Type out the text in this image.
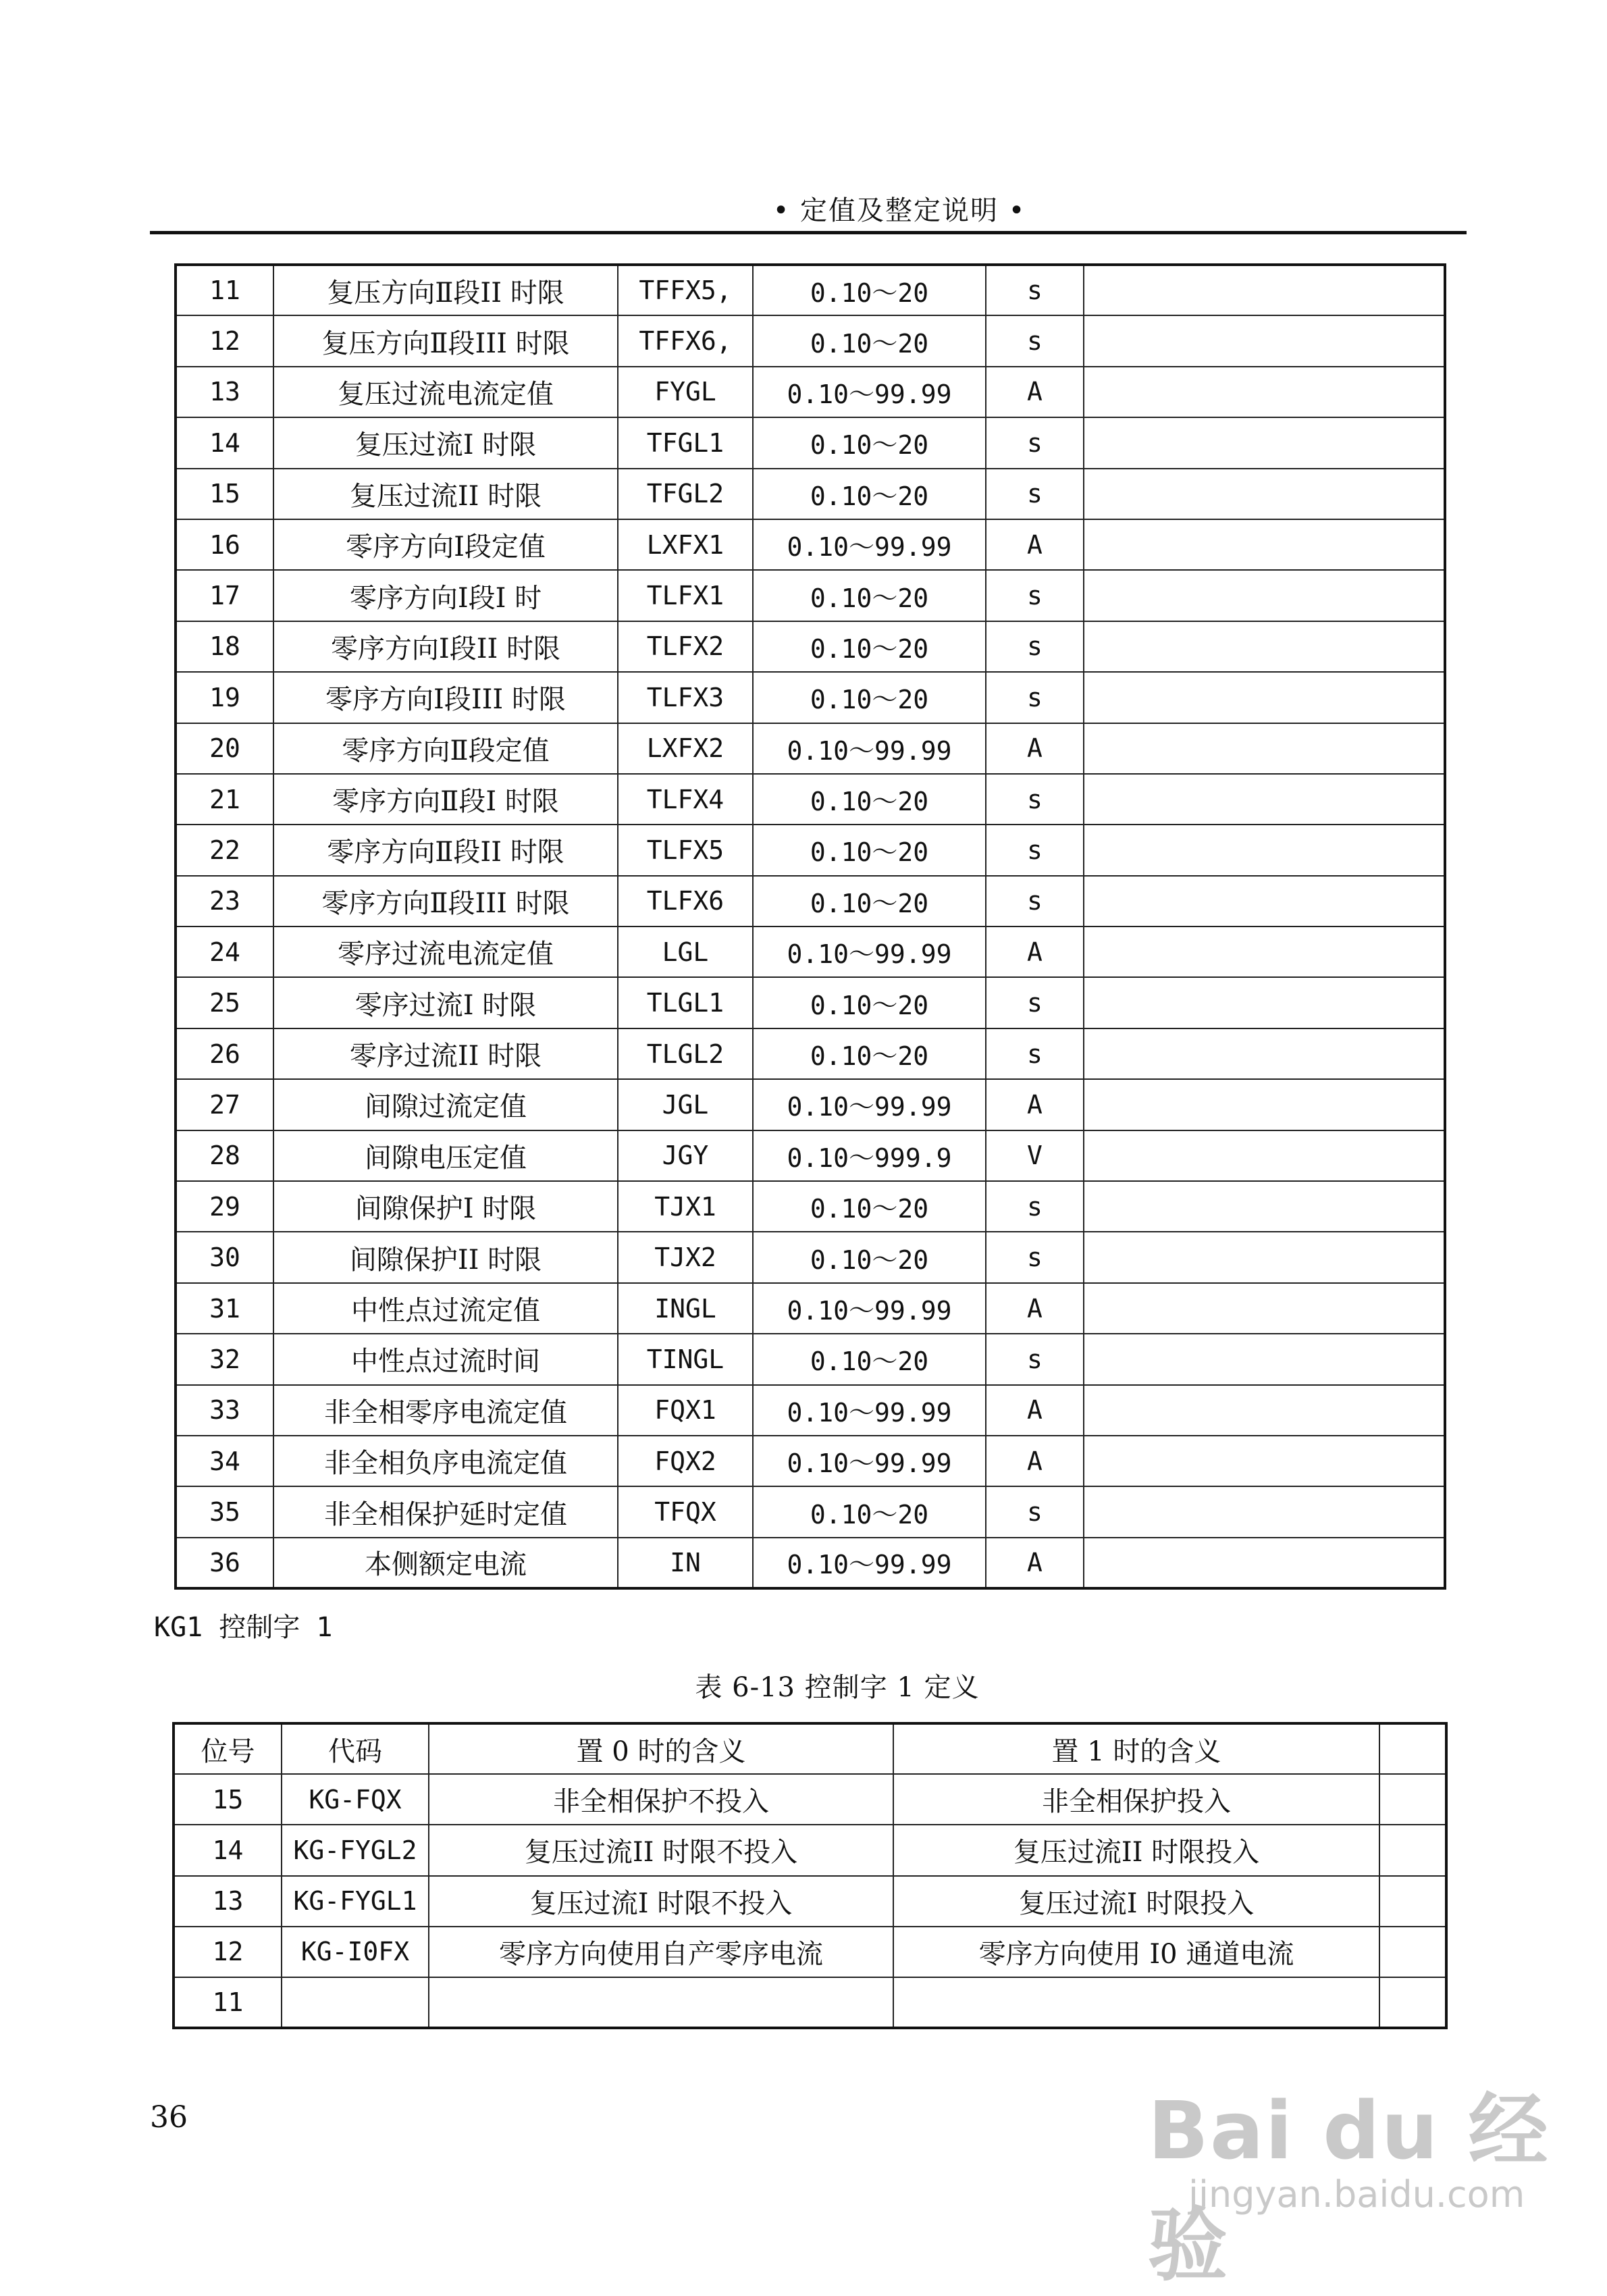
• 定值及整定说明 •
11	复压方向Ⅱ段II 时限	TFFX5,	0.10～20	s	
12	复压方向Ⅱ段III 时限	TFFX6,	0.10～20	s	
13	复压过流电流定值	FYGL	0.10～99.99	A	
14	复压过流I 时限	TFGL1	0.10～20	s	
15	复压过流II 时限	TFGL2	0.10～20	s	
16	零序方向Ⅰ段定值	LXFX1	0.10～99.99	A	
17	零序方向Ⅰ段I 时	TLFX1	0.10～20	s	
18	零序方向Ⅰ段II 时限	TLFX2	0.10～20	s	
19	零序方向Ⅰ段III 时限	TLFX3	0.10～20	s	
20	零序方向Ⅱ段定值	LXFX2	0.10～99.99	A	
21	零序方向Ⅱ段I 时限	TLFX4	0.10～20	s	
22	零序方向Ⅱ段II 时限	TLFX5	0.10～20	s	
23	零序方向Ⅱ段III 时限	TLFX6	0.10～20	s	
24	零序过流电流定值	LGL	0.10～99.99	A	
25	零序过流I 时限	TLGL1	0.10～20	s	
26	零序过流II 时限	TLGL2	0.10～20	s	
27	间隙过流定值	JGL	0.10～99.99	A	
28	间隙电压定值	JGY	0.10～999.9	V	
29	间隙保护I 时限	TJX1	0.10～20	s	
30	间隙保护II 时限	TJX2	0.10～20	s	
31	中性点过流定值	INGL	0.10～99.99	A	
32	中性点过流时间	TINGL	0.10～20	s	
33	非全相零序电流定值	FQX1	0.10～99.99	A	
34	非全相负序电流定值	FQX2	0.10～99.99	A	
35	非全相保护延时定值	TFQX	0.10～20	s	
36	本侧额定电流	IN	0.10～99.99	A	
KG1 控制字 1
表 6-13 控制字 1 定义
位号	代码	置 0 时的含义	置 1 时的含义	
15	KG-FQX	非全相保护不投入	非全相保护投入	
14	KG-FYGL2	复压过流II 时限不投入	复压过流II 时限投入	
13	KG-FYGL1	复压过流I 时限不投入	复压过流I 时限投入	
12	KG-I0FX	零序方向使用自产零序电流	零序方向使用 I0 通道电流	
11				
36	Bai du 经验
jingyan.baidu.com
